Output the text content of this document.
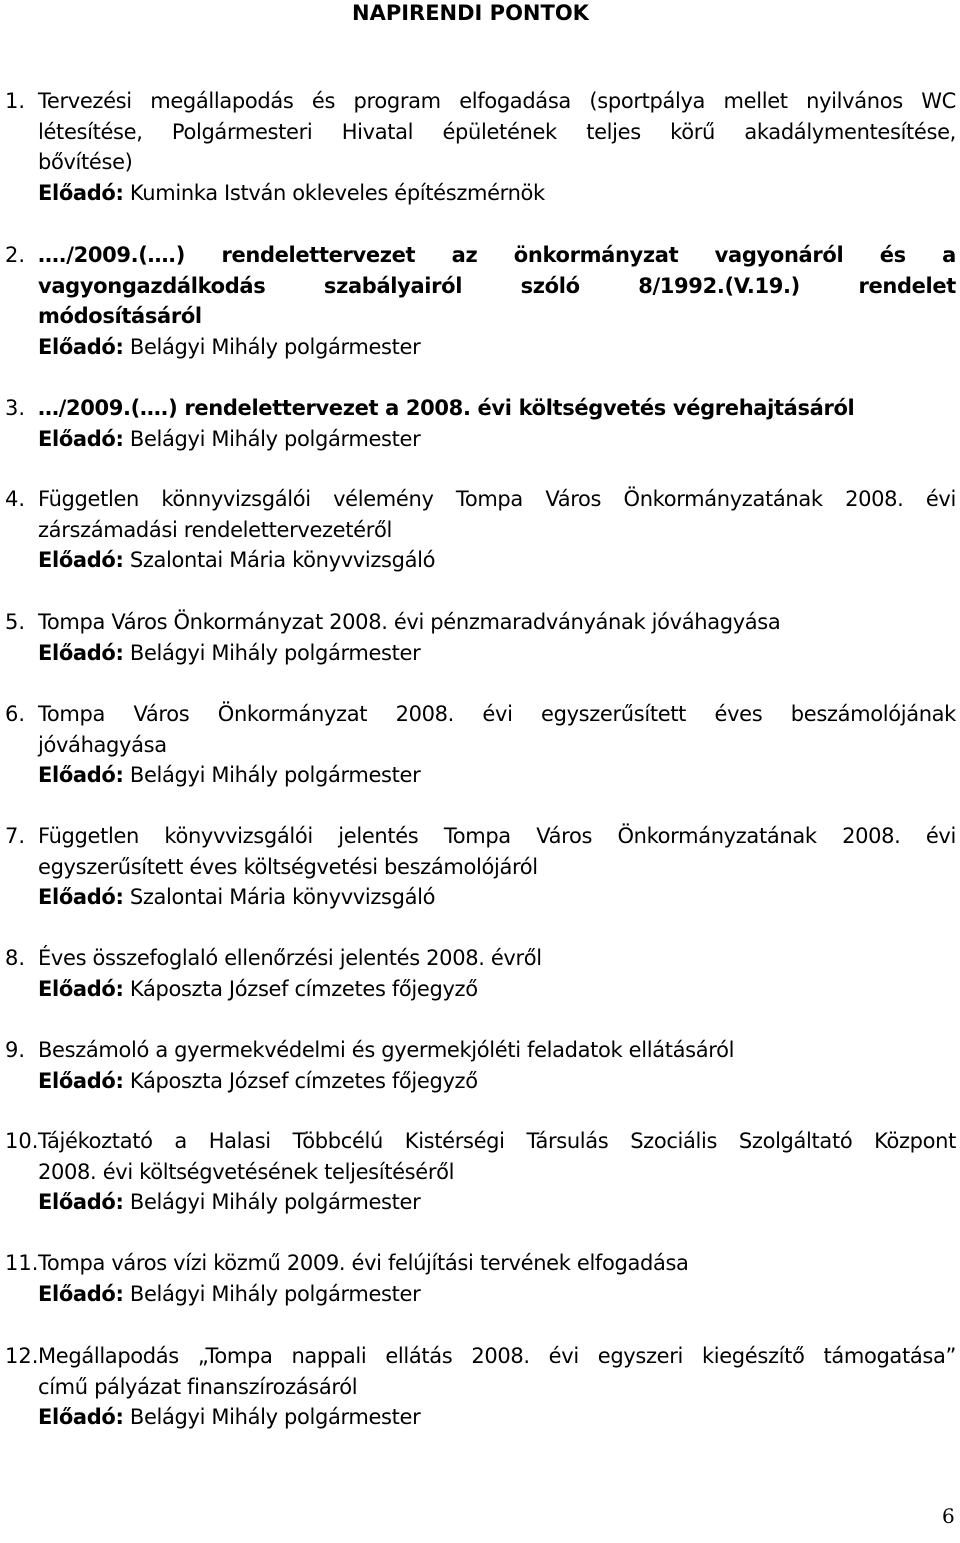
NAPIRENDI PONTOK
1. Tervezési megállapodás és program elfogadása (sportpálya mellet nyilvános WC
létesítése, Polgármesteri Hivatal épületének teljes körű akadálymentesítése,
bővítése)
Előadó: Kuminka István okleveles építészmérnök
2. …./2009.(….) rendelettervezet az önkormányzat vagyonáról és a
vagyongazdálkodás szabályairól szóló 8/1992.(V.19.) rendelet
módosításáról
Előadó: Belágyi Mihály polgármester
3. …/2009.(….) rendelettervezet a 2008. évi költségvetés végrehajtásáról
Előadó: Belágyi Mihály polgármester
4. Független könnyvizsgálói vélemény Tompa Város Önkormányzatának 2008. évi
zárszámadási rendelettervezetéről
Előadó: Szalontai Mária könyvvizsgáló
5. Tompa Város Önkormányzat 2008. évi pénzmaradványának jóváhagyása
Előadó: Belágyi Mihály polgármester
6. Tompa Város Önkormányzat 2008. évi egyszerűsített éves beszámolójának
jóváhagyása
Előadó: Belágyi Mihály polgármester
7. Független könyvvizsgálói jelentés Tompa Város Önkormányzatának 2008. évi
egyszerűsített éves költségvetési beszámolójáról
Előadó: Szalontai Mária könyvvizsgáló
8. Éves összefoglaló ellenőrzési jelentés 2008. évről
Előadó: Káposzta József címzetes főjegyző
9. Beszámoló a gyermekvédelmi és gyermekjóléti feladatok ellátásáról
Előadó: Káposzta József címzetes főjegyző
10. Tájékoztató a Halasi Többcélú Kistérségi Társulás Szociális Szolgáltató Központ
2008. évi költségvetésének teljesítéséről
Előadó: Belágyi Mihály polgármester
11. Tompa város vízi közmű 2009. évi felújítási tervének elfogadása
Előadó: Belágyi Mihály polgármester
12. Megállapodás „Tompa nappali ellátás 2008. évi egyszeri kiegészítő támogatása”
című pályázat finanszírozásáról
Előadó: Belágyi Mihály polgármester
6
